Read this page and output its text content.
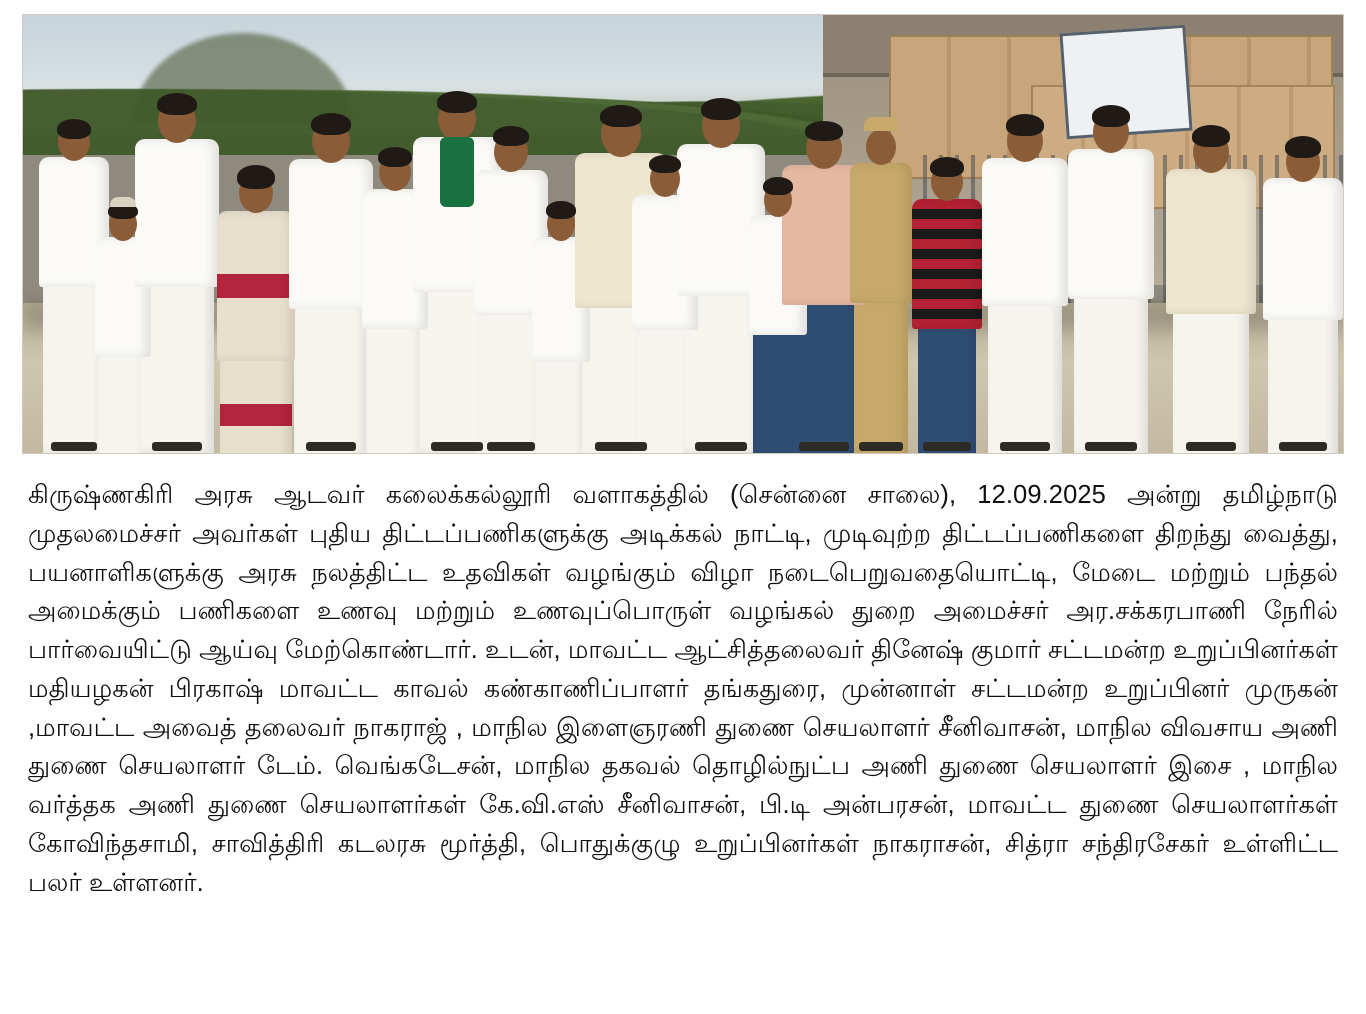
கிருஷ்ணகிரி அரசு ஆடவர் கலைக்கல்லூரி வளாகத்தில் (சென்னை சாலை), 12.09.2025 அன்று தமிழ்நாடு முதலமைச்சர் அவர்கள் புதிய திட்டப்பணிகளுக்கு அடிக்கல் நாட்டி, முடிவுற்ற திட்டப்பணிகளை திறந்து வைத்து, பயனாளிகளுக்கு அரசு நலத்திட்ட உதவிகள் வழங்கும் விழா நடைபெறுவதையொட்டி, மேடை மற்றும் பந்தல் அமைக்கும் பணிகளை உணவு மற்றும் உணவுப்பொருள் வழங்கல் துறை அமைச்சர் அர.சக்கரபாணி நேரில் பார்வையிட்டு ஆய்வு மேற்கொண்டார். உடன், மாவட்ட ஆட்சித்தலைவர் தினேஷ் குமார் சட்டமன்ற உறுப்பினர்கள் மதியழகன் பிரகாஷ் மாவட்ட காவல் கண்காணிப்பாளர் தங்கதுரை, முன்னாள் சட்டமன்ற உறுப்பினர் முருகன் ,மாவட்ட அவைத் தலைவர் நாகராஜ் , மாநில இளைஞரணி துணை செயலாளர் சீனிவாசன், மாநில விவசாய அணி துணை செயலாளர் டேம். வெங்கடேசன், மாநில தகவல் தொழில்நுட்ப அணி துணை செயலாளர் இசை , மாநில வர்த்தக அணி துணை செயலாளர்கள் கே.வி.எஸ் சீனிவாசன், பி.டி அன்பரசன், மாவட்ட துணை செயலாளர்கள் கோவிந்தசாமி, சாவித்திரி கடலரசு மூர்த்தி, பொதுக்குழு உறுப்பினர்கள் நாகராசன், சித்ரா சந்திரசேகர் உள்ளிட்ட பலர் உள்ளனர்.
